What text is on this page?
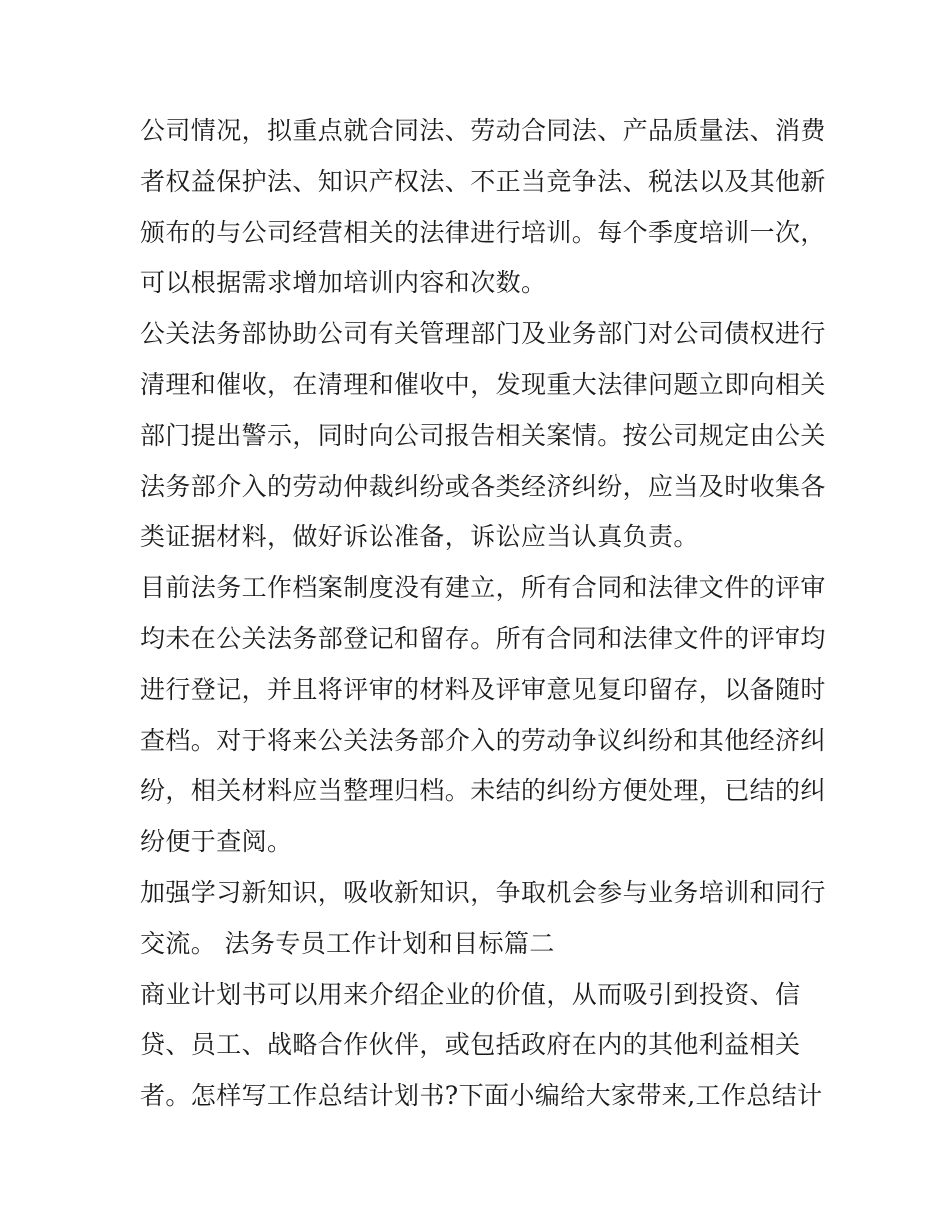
公司情况，拟重点就合同法、劳动合同法、产品质量法、消费
者权益保护法、知识产权法、不正当竞争法、税法以及其他新
颁布的与公司经营相关的法律进行培训。每个季度培训一次，
可以根据需求增加培训内容和次数。
公关法务部协助公司有关管理部门及业务部门对公司债权进行
清理和催收，在清理和催收中，发现重大法律问题立即向相关
部门提出警示，同时向公司报告相关案情。按公司规定由公关
法务部介入的劳动仲裁纠纷或各类经济纠纷，应当及时收集各
类证据材料，做好诉讼准备，诉讼应当认真负责。
目前法务工作档案制度没有建立，所有合同和法律文件的评审
均未在公关法务部登记和留存。所有合同和法律文件的评审均
进行登记，并且将评审的材料及评审意见复印留存，以备随时
查档。对于将来公关法务部介入的劳动争议纠纷和其他经济纠
纷，相关材料应当整理归档。未结的纠纷方便处理，已结的纠
纷便于查阅。
加强学习新知识，吸收新知识，争取机会参与业务培训和同行
交流。 法务专员工作计划和目标篇二
商业计划书可以用来介绍企业的价值，从而吸引到投资、信
贷、员工、战略合作伙伴，或包括政府在内的其他利益相关
者。怎样写工作总结计划书?下面小编给大家带来,工作总结计
